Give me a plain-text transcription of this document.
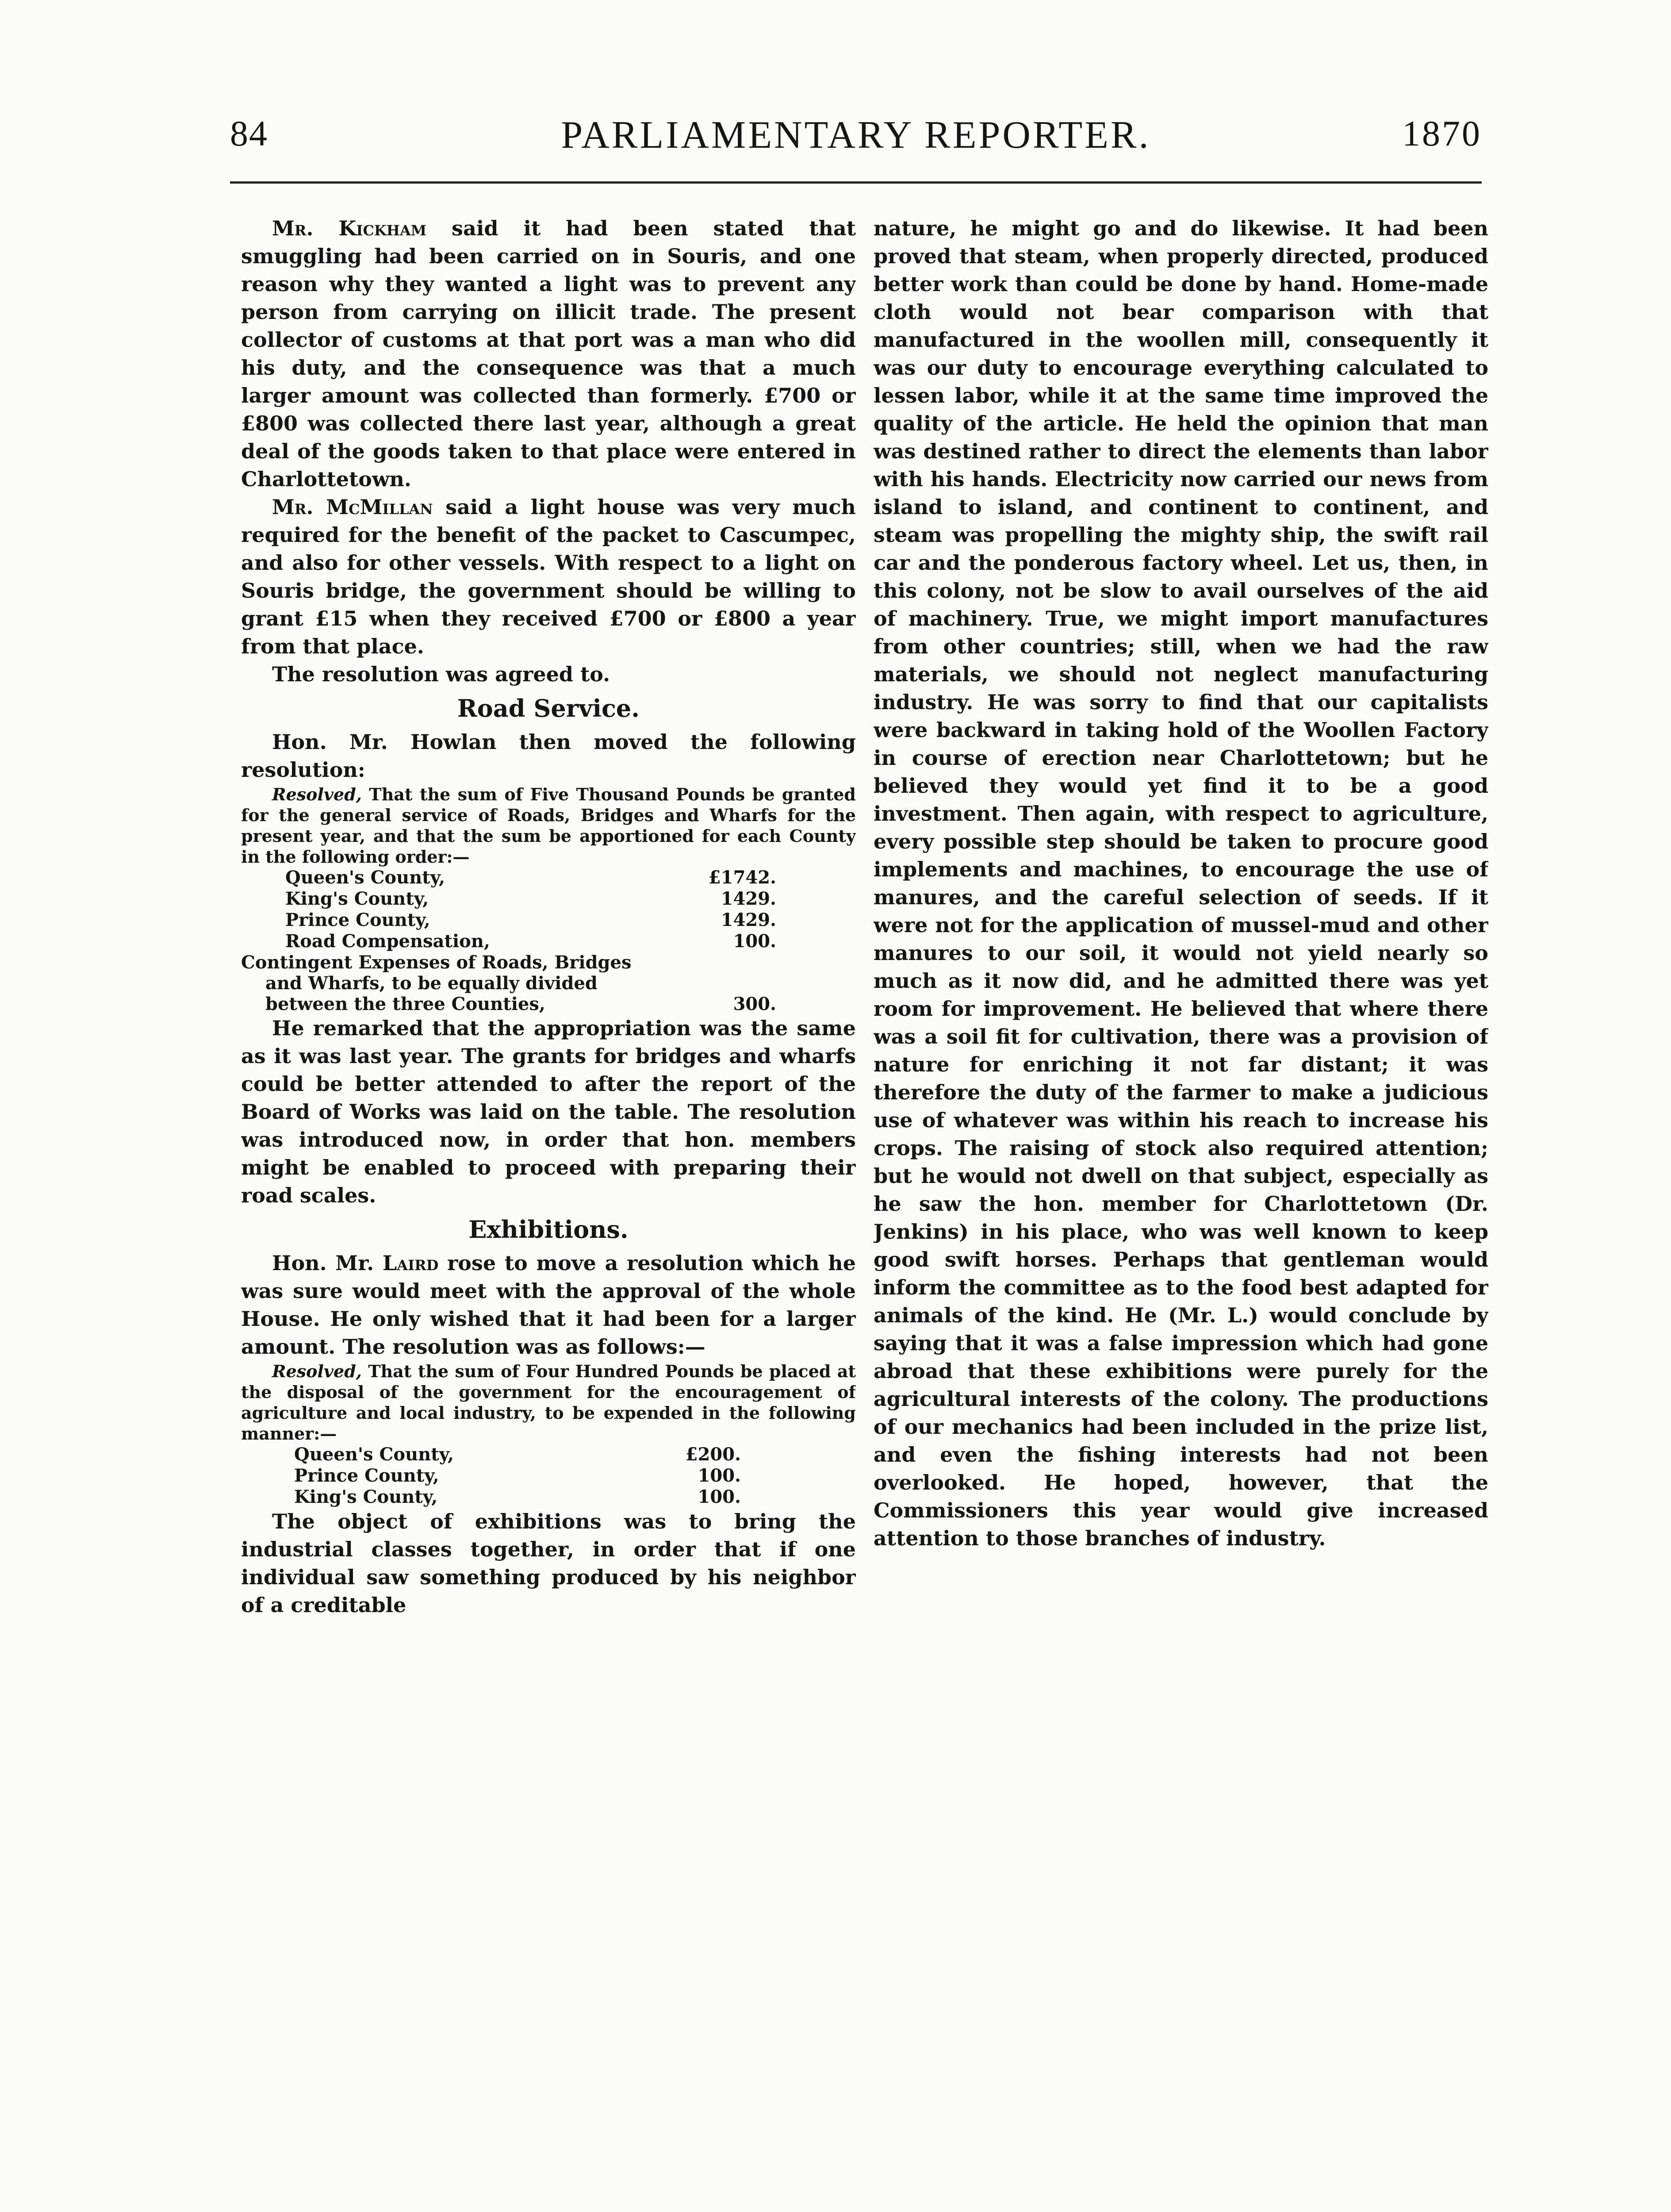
84	PARLIAMENTARY REPORTER.	1870

Mr. Kickham said it had been stated that smuggling had been carried on in Souris, and one reason why they wanted a light was to prevent any person from carrying on illicit trade. The present collector of customs at that port was a man who did his duty, and the consequence was that a much larger amount was collected than formerly. £700 or £800 was collected there last year, although a great deal of the goods taken to that place were entered in Charlottetown.

Mr. McMillan said a light house was very much required for the benefit of the packet to Cascumpec, and also for other vessels. With respect to a light on Souris bridge, the government should be willing to grant £15 when they received £700 or £800 a year from that place.

The resolution was agreed to.

Road Service.

Hon. Mr. Howlan then moved the following resolution:

Resolved, That the sum of Five Thousand Pounds be granted for the general service of Roads, Bridges and Wharfs for the present year, and that the sum be apportioned for each County in the following order:—

Queen's County,	£1742.
King's County,	1429.
Prince County,	1429.
Road Compensation,	100.
Contingent Expenses of Roads, Bridges
and Wharfs, to be equally divided
between the three Counties,	300.

He remarked that the appropriation was the same as it was last year. The grants for bridges and wharfs could be better attended to after the report of the Board of Works was laid on the table. The resolution was introduced now, in order that hon. members might be enabled to proceed with preparing their road scales.

Exhibitions.

Hon. Mr. Laird rose to move a resolution which he was sure would meet with the approval of the whole House. He only wished that it had been for a larger amount. The resolution was as follows:—

Resolved, That the sum of Four Hundred Pounds be placed at the disposal of the government for the encouragement of agriculture and local industry, to be expended in the following manner:—

Queen's County,	£200.
Prince County,	100.
King's County,	100.

The object of exhibitions was to bring the industrial classes together, in order that if one individual saw something produced by his neighbor of a creditable

nature, he might go and do likewise. It had been proved that steam, when properly directed, produced better work than could be done by hand. Home-made cloth would not bear comparison with that manufactured in the woollen mill, consequently it was our duty to encourage everything calculated to lessen labor, while it at the same time improved the quality of the article. He held the opinion that man was destined rather to direct the elements than labor with his hands. Electricity now carried our news from island to island, and continent to continent, and steam was propelling the mighty ship, the swift rail car and the ponderous factory wheel. Let us, then, in this colony, not be slow to avail ourselves of the aid of machinery. True, we might import manufactures from other countries; still, when we had the raw materials, we should not neglect manufacturing industry. He was sorry to find that our capitalists were backward in taking hold of the Woollen Factory in course of erection near Charlottetown; but he believed they would yet find it to be a good investment. Then again, with respect to agriculture, every possible step should be taken to procure good implements and machines, to encourage the use of manures, and the careful selection of seeds. If it were not for the application of mussel-mud and other manures to our soil, it would not yield nearly so much as it now did, and he admitted there was yet room for improvement. He believed that where there was a soil fit for cultivation, there was a provision of nature for enriching it not far distant; it was therefore the duty of the farmer to make a judicious use of whatever was within his reach to increase his crops. The raising of stock also required attention; but he would not dwell on that subject, especially as he saw the hon. member for Charlottetown (Dr. Jenkins) in his place, who was well known to keep good swift horses. Perhaps that gentleman would inform the committee as to the food best adapted for animals of the kind. He (Mr. L.) would conclude by saying that it was a false impression which had gone abroad that these exhibitions were purely for the agricultural interests of the colony. The productions of our mechanics had been included in the prize list, and even the fishing interests had not been overlooked. He hoped, however, that the Commissioners this year would give increased attention to those branches of industry.
